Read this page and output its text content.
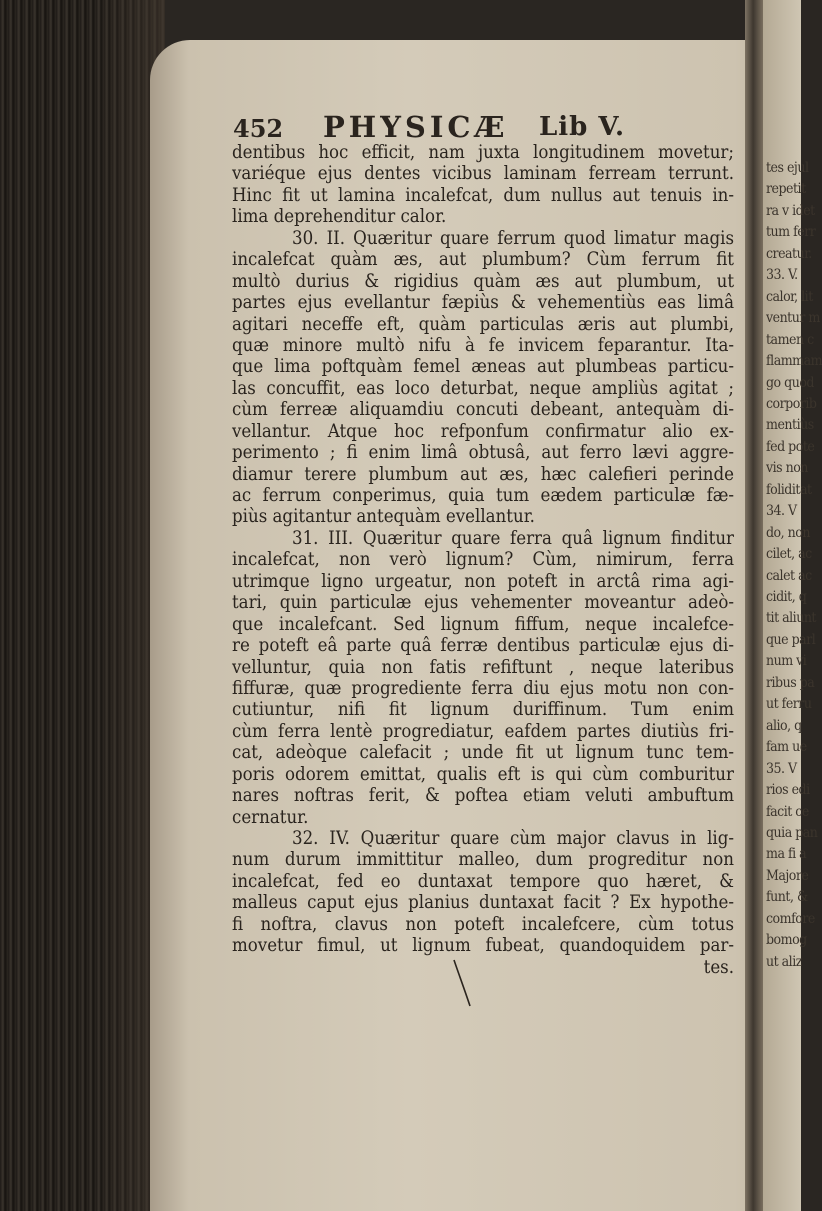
tes ejul
repetit
ra v idet
tum ferr
creatur.
33. V.
calor, lit
ventur m
tamen c
flammam
go quod
corporib
mentiùs
fed pote
vis non
foliditat
34. V
do, non
cilet, ac
calet ac
cidit, q
tit aliunt
que parl
num vi
ribus pa
ut ferru
alio, q
fam ue
35. V
rios edi
facit ce
quia pan
ma fi a
Majore
funt, &
comfore
bomog
ut aliz
452 PHYSICÆ Lib V.
dentibus hoc efficit, nam juxta longitudinem movetur;
variéque ejus dentes vicibus laminam ferream terrunt.
Hinc fit ut lamina incalefcat, dum nullus aut tenuis in-
lima deprehenditur calor.
30. II. Quæritur quare ferrum quod limatur magis
incalefcat quàm æs, aut plumbum? Cùm ferrum fit
multò durius & rigidius quàm æs aut plumbum, ut
partes ejus evellantur fæpiùs & vehementiùs eas limâ
agitari neceffe eft, quàm particulas æris aut plumbi,
quæ minore multò nifu à fe invicem feparantur. Ita-
que lima poftquàm femel æneas aut plumbeas particu-
las concuffit, eas loco deturbat, neque ampliùs agitat ;
cùm ferreæ aliquamdiu concuti debeant, antequàm di-
vellantur. Atque hoc refponfum confirmatur alio ex-
perimento ; fi enim limâ obtusâ, aut ferro lævi aggre-
diamur terere plumbum aut æs, hæc calefieri perinde
ac ferrum conperimus, quia tum eædem particulæ fæ-
piùs agitantur antequàm evellantur.
31. III. Quæritur quare ferra quâ lignum finditur
incalefcat, non verò lignum? Cùm, nimirum, ferra
utrimque ligno urgeatur, non poteft in arctâ rima agi-
tari, quin particulæ ejus vehementer moveantur adeò-
que incalefcant. Sed lignum fiffum, neque incalefce-
re poteft eâ parte quâ ferræ dentibus particulæ ejus di-
velluntur, quia non fatis refiftunt , neque lateribus
fiffuræ, quæ progrediente ferra diu ejus motu non con-
cutiuntur, nifi fit lignum duriffinum. Tum enim
cùm ferra lentè progrediatur, eafdem partes diutiùs fri-
cat, adeòque calefacit ; unde fit ut lignum tunc tem-
poris odorem emittat, qualis eft is qui cùm comburitur
nares noftras ferit, & poftea etiam veluti ambuftum
cernatur.
32. IV. Quæritur quare cùm major clavus in lig-
num durum immittitur malleo, dum progreditur non
incalefcat, fed eo duntaxat tempore quo hæret, &
malleus caput ejus planius duntaxat facit ? Ex hypothe-
fi noftra, clavus non poteft incalefcere, cùm totus
movetur fimul, ut lignum fubeat, quandoquidem par-
tes.
